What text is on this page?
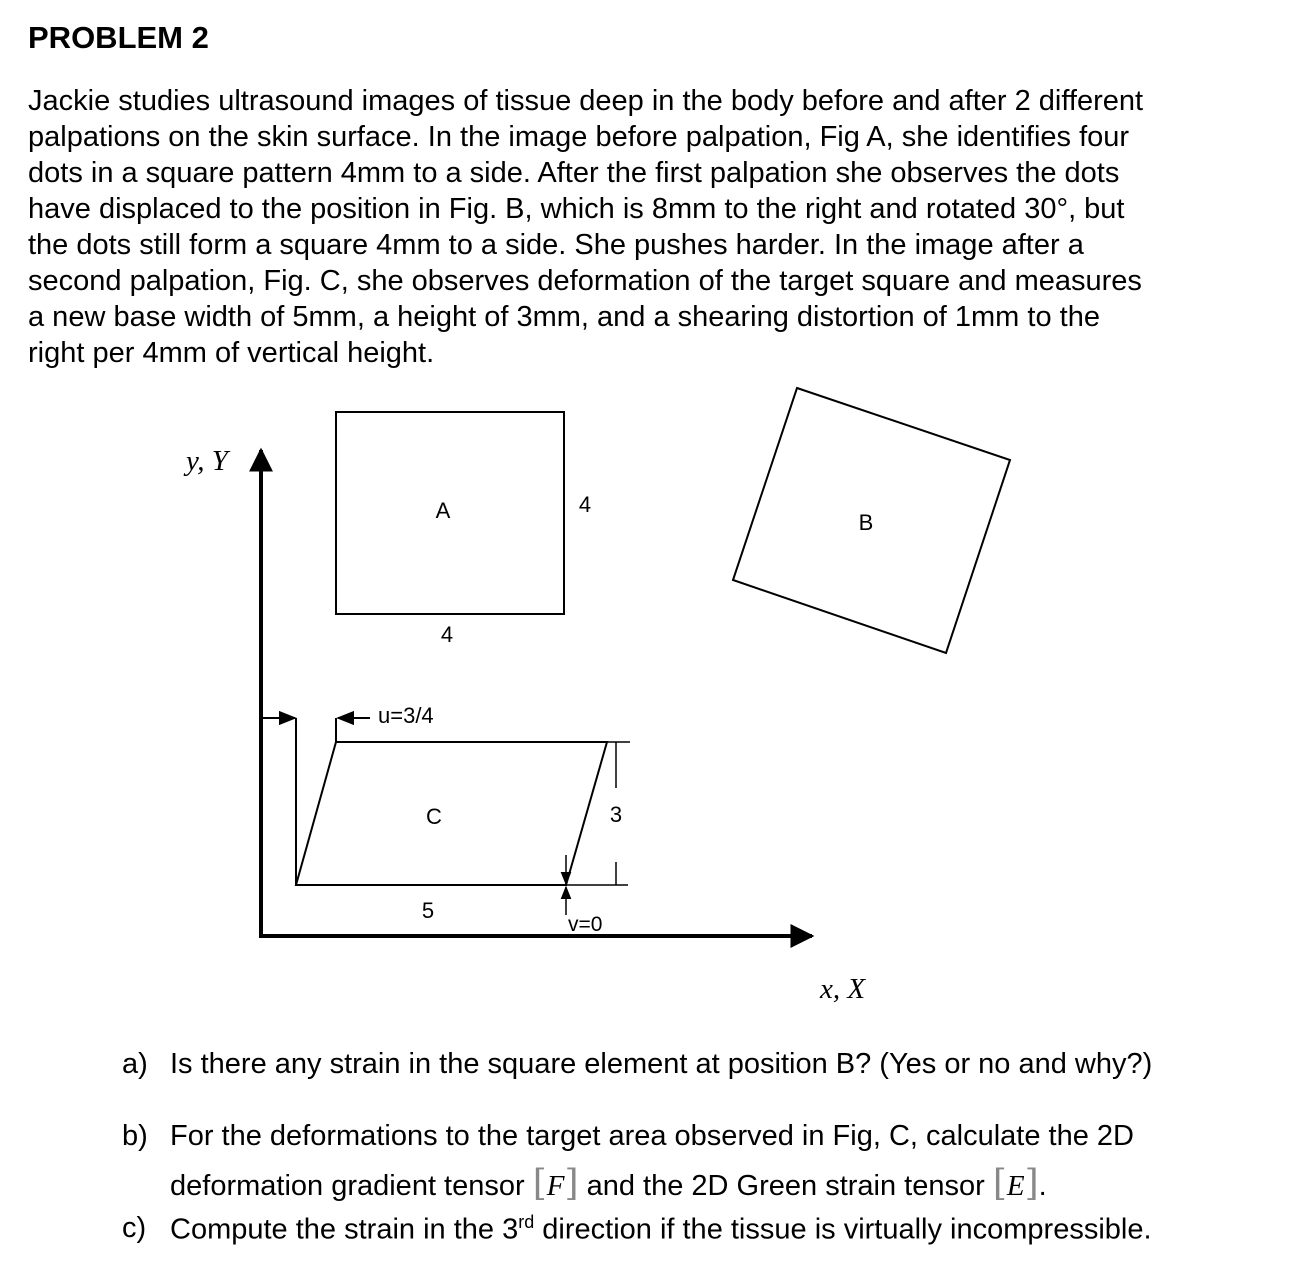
PROBLEM 2
Jackie studies ultrasound images of tissue deep in the body before and after 2 different
palpations on the skin surface. In the image before palpation, Fig A, she identifies four
dots in a square pattern 4mm to a side. After the first palpation she observes the dots
have displaced to the position in Fig. B, which is 8mm to the right and rotated 30°, but
the dots still form a square 4mm to a side. She pushes harder. In the image after a
second palpation, Fig. C, she observes deformation of the target square and measures
a new base width of 5mm, a height of 3mm, and a shearing distortion of 1mm to the
right per 4mm of vertical height.
y, Y
x, X
A	4
4
B
C
5
u=3/4
3
v=0
a) Is there any strain in the square element at position B? (Yes or no and why?)
b) For the deformations to the target area observed in Fig, C, calculate the 2D
deformation gradient tensor [F] and the 2D Green strain tensor [E].
c) Compute the strain in the 3rd direction if the tissue is virtually incompressible.
